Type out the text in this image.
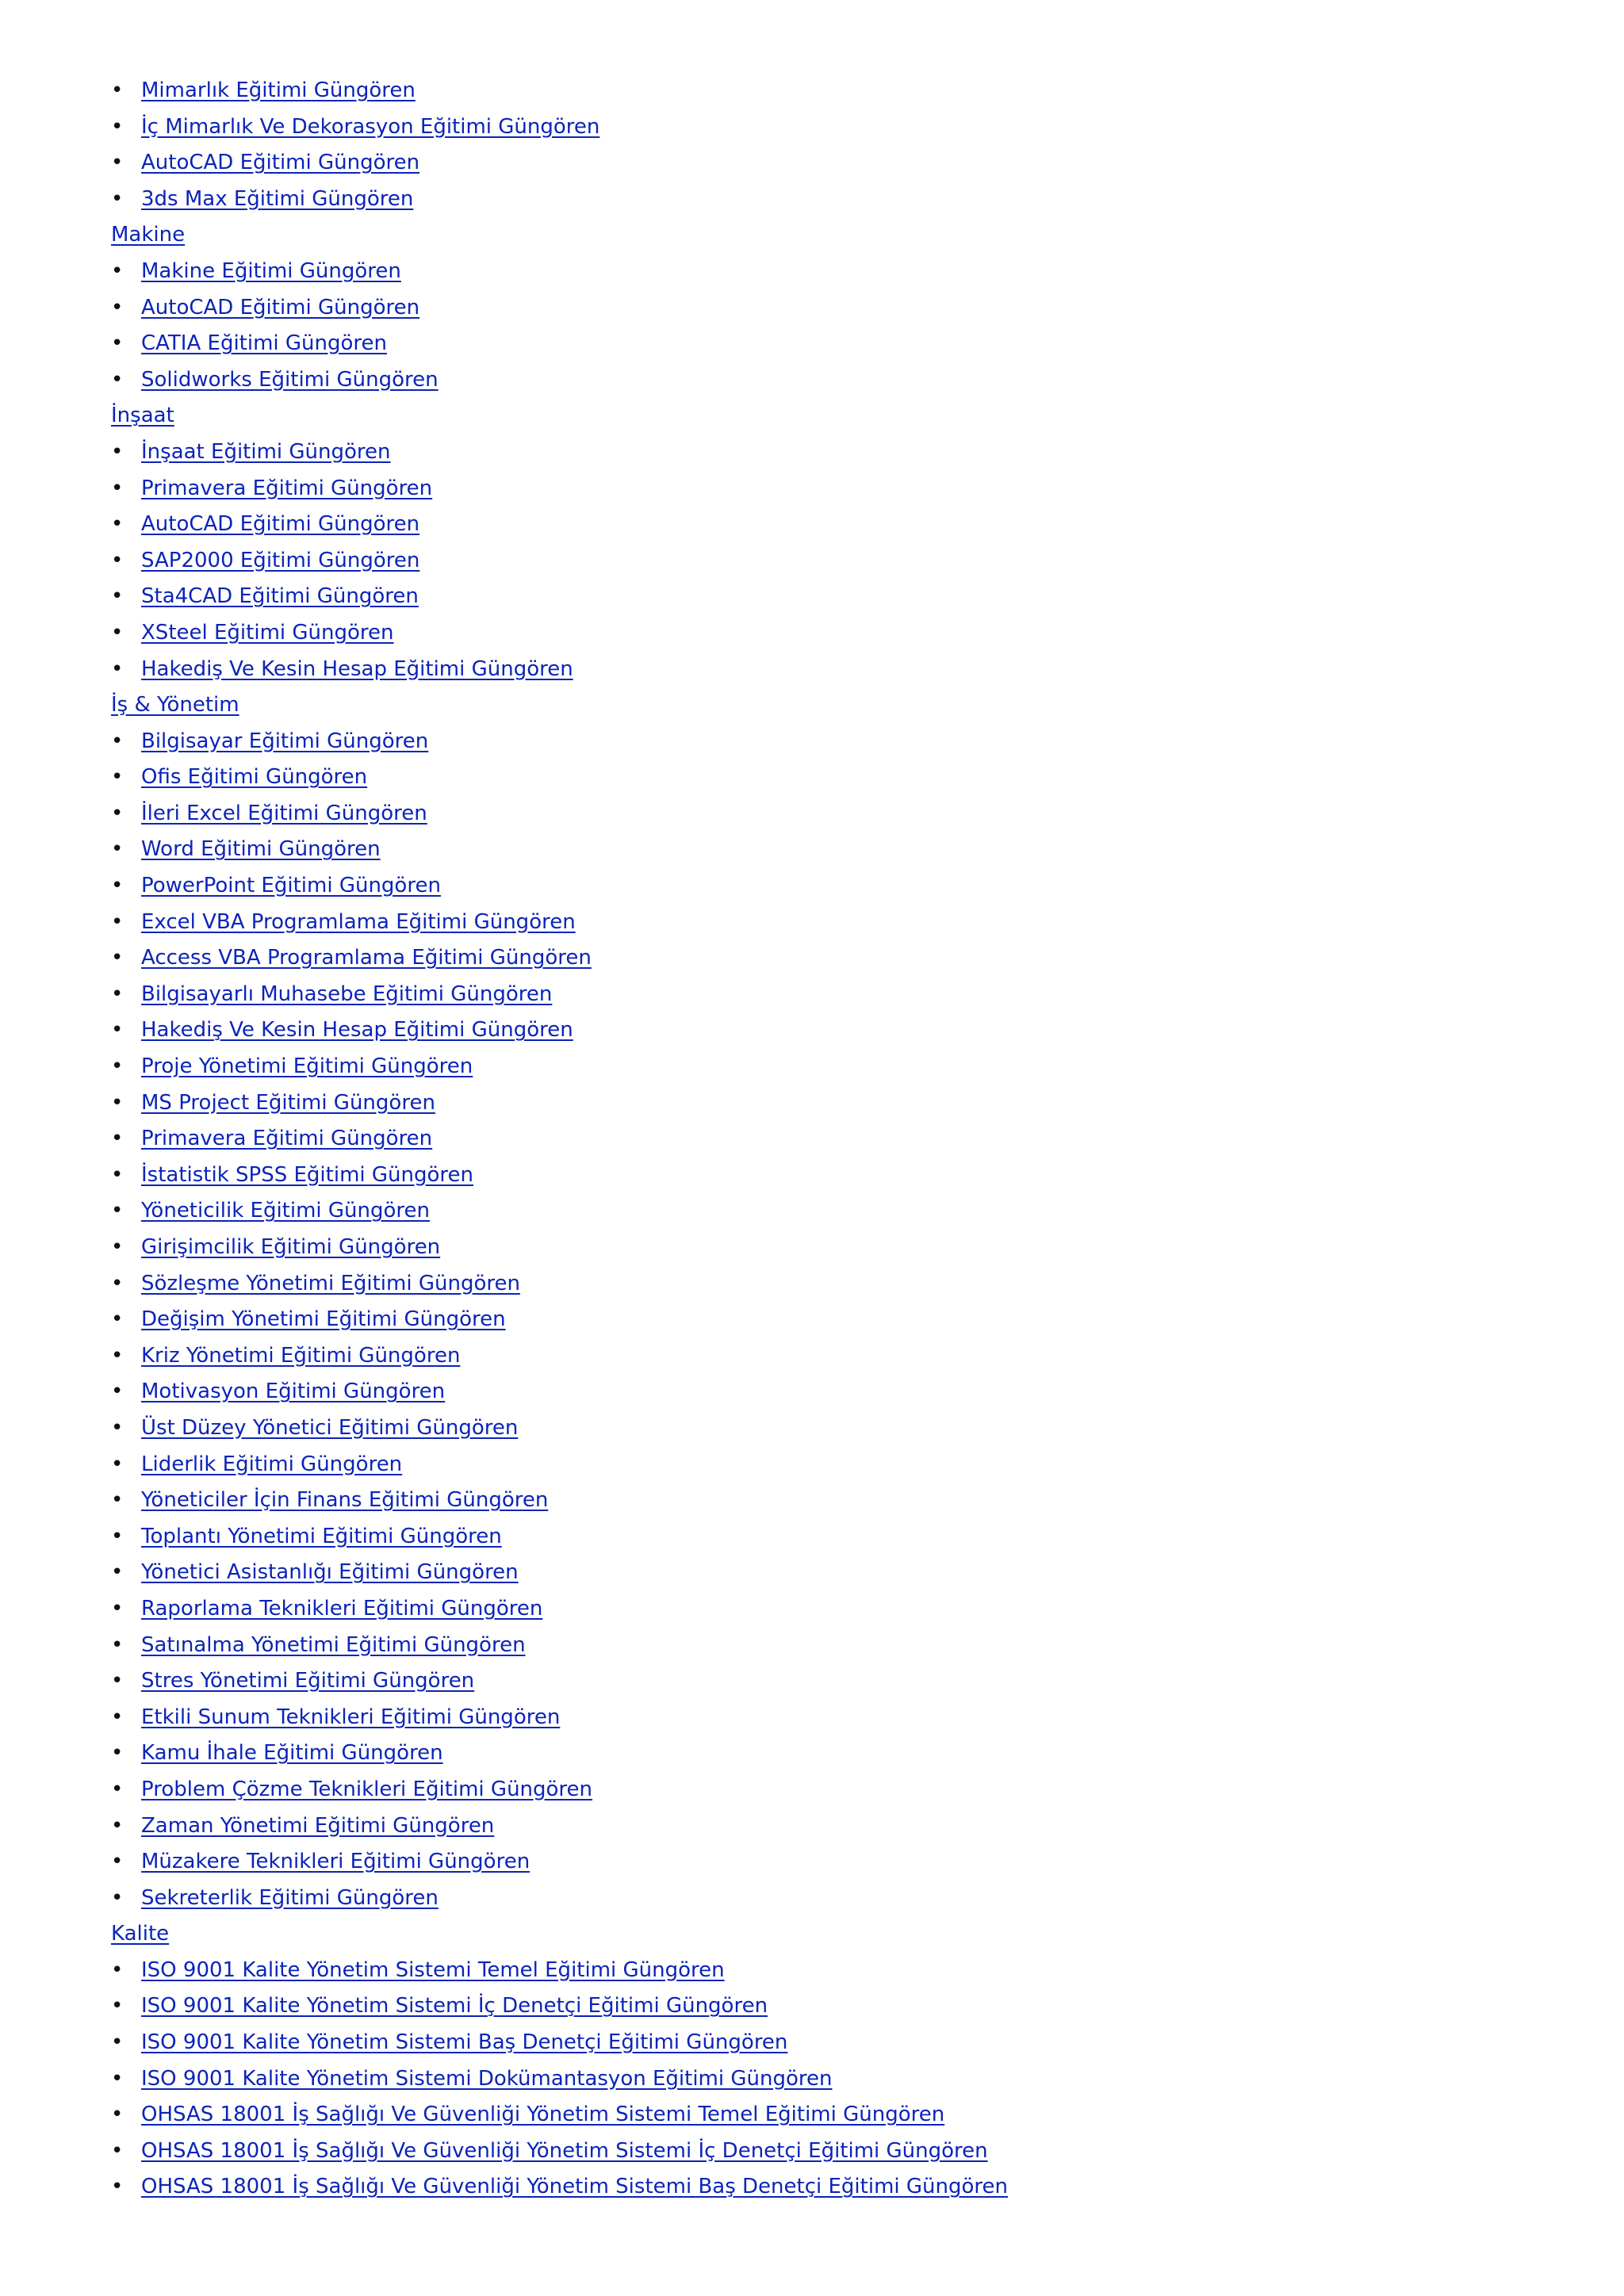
• Mimarlık Eğitimi Güngören
• İç Mimarlık Ve Dekorasyon Eğitimi Güngören
• AutoCAD Eğitimi Güngören
• 3ds Max Eğitimi Güngören
Makine
• Makine Eğitimi Güngören
• AutoCAD Eğitimi Güngören
• CATIA Eğitimi Güngören
• Solidworks Eğitimi Güngören
İnşaat
• İnşaat Eğitimi Güngören
• Primavera Eğitimi Güngören
• AutoCAD Eğitimi Güngören
• SAP2000 Eğitimi Güngören
• Sta4CAD Eğitimi Güngören
• XSteel Eğitimi Güngören
• Hakediş Ve Kesin Hesap Eğitimi Güngören
İş & Yönetim
• Bilgisayar Eğitimi Güngören
• Ofis Eğitimi Güngören
• İleri Excel Eğitimi Güngören
• Word Eğitimi Güngören
• PowerPoint Eğitimi Güngören
• Excel VBA Programlama Eğitimi Güngören
• Access VBA Programlama Eğitimi Güngören
• Bilgisayarlı Muhasebe Eğitimi Güngören
• Hakediş Ve Kesin Hesap Eğitimi Güngören
• Proje Yönetimi Eğitimi Güngören
• MS Project Eğitimi Güngören
• Primavera Eğitimi Güngören
• İstatistik SPSS Eğitimi Güngören
• Yöneticilik Eğitimi Güngören
• Girişimcilik Eğitimi Güngören
• Sözleşme Yönetimi Eğitimi Güngören
• Değişim Yönetimi Eğitimi Güngören
• Kriz Yönetimi Eğitimi Güngören
• Motivasyon Eğitimi Güngören
• Üst Düzey Yönetici Eğitimi Güngören
• Liderlik Eğitimi Güngören
• Yöneticiler İçin Finans Eğitimi Güngören
• Toplantı Yönetimi Eğitimi Güngören
• Yönetici Asistanlığı Eğitimi Güngören
• Raporlama Teknikleri Eğitimi Güngören
• Satınalma Yönetimi Eğitimi Güngören
• Stres Yönetimi Eğitimi Güngören
• Etkili Sunum Teknikleri Eğitimi Güngören
• Kamu İhale Eğitimi Güngören
• Problem Çözme Teknikleri Eğitimi Güngören
• Zaman Yönetimi Eğitimi Güngören
• Müzakere Teknikleri Eğitimi Güngören
• Sekreterlik Eğitimi Güngören
Kalite
• ISO 9001 Kalite Yönetim Sistemi Temel Eğitimi Güngören
• ISO 9001 Kalite Yönetim Sistemi İç Denetçi Eğitimi Güngören
• ISO 9001 Kalite Yönetim Sistemi Baş Denetçi Eğitimi Güngören
• ISO 9001 Kalite Yönetim Sistemi Dokümantasyon Eğitimi Güngören
• OHSAS 18001 İş Sağlığı Ve Güvenliği Yönetim Sistemi Temel Eğitimi Güngören
• OHSAS 18001 İş Sağlığı Ve Güvenliği Yönetim Sistemi İç Denetçi Eğitimi Güngören
• OHSAS 18001 İş Sağlığı Ve Güvenliği Yönetim Sistemi Baş Denetçi Eğitimi Güngören
